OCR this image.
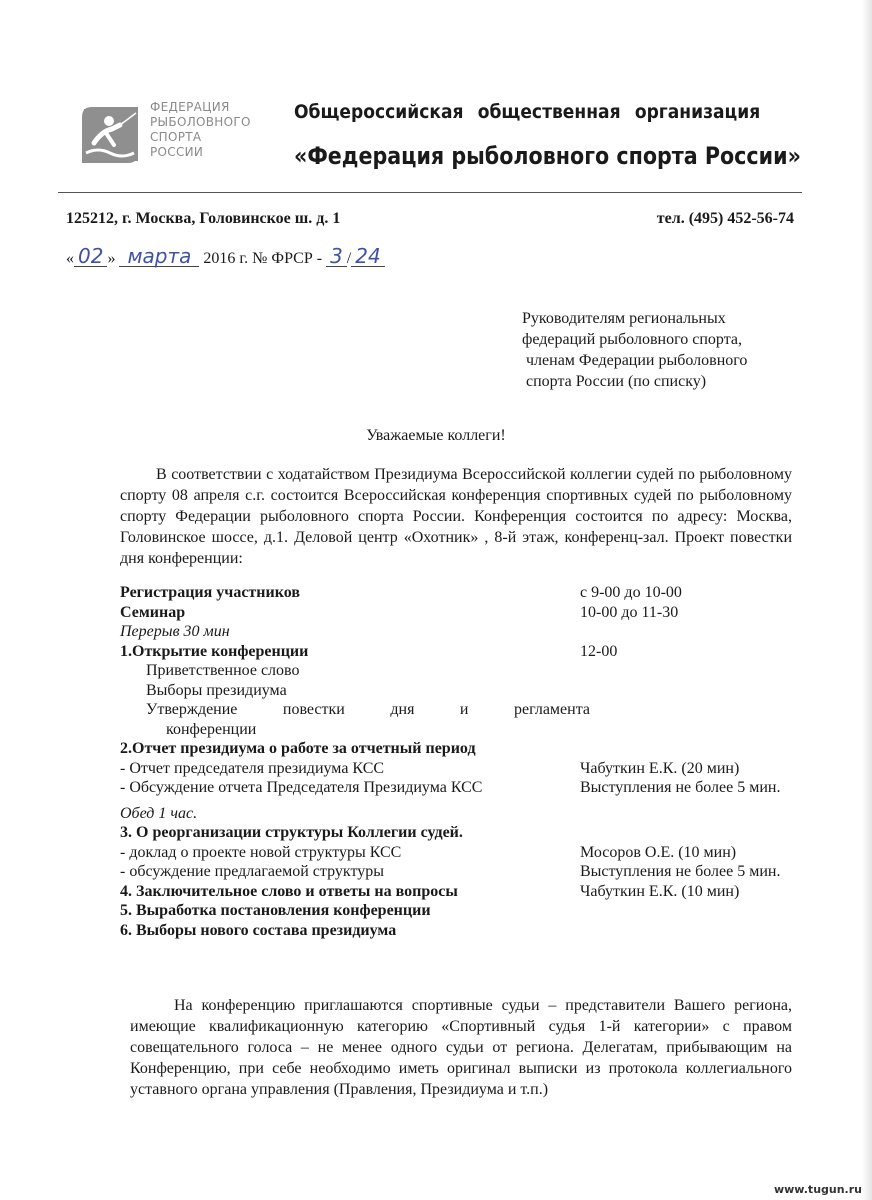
ФЕДЕРАЦИЯ
РЫБОЛОВНОГО
СПОРТА
РОССИИ
Общероссийская общественная организация
«Федерация рыболовного спорта России»
125212, г. Москва, Головинское ш. д. 1	тел. (495) 452-56-74
« 02 » марта 2016 г. № ФРСР - 3 / 24
Руководителям региональных
федераций рыболовного спорта,
членам Федерации рыболовного
спорта России (по списку)
Уважаемые коллеги!

В соответствии с ходатайством Президиума Всероссийской коллегии судей по рыболовному спорту 08 апреля с.г. состоится Всероссийская конференция спортивных судей по рыболовному спорту Федерации рыболовного спорта России. Конференция состоится по адресу: Москва, Головинское шоссе, д.1. Деловой центр «Охотник» , 8-й этаж, конференц-зал. Проект повестки дня конференции:

Регистрация участников	с 9-00 до 10-00
Семинар	10-00 до 11-30
Перерыв 30 мин
1.Открытие конференции	12-00
Приветственное слово
Выборы президиума
Утверждение	повестки	дня	и	регламента
конференции
2.Отчет президиума о работе за отчетный период
- Отчет председателя президиума КСС	Чабуткин Е.К. (20 мин)
- Обсуждение отчета Председателя Президиума КСС	Выступления не более 5 мин.
Обед 1 час.
3. О реорганизации структуры Коллегии судей.
- доклад о проекте новой структуры КСС	Мосоров О.Е. (10 мин)
- обсуждение предлагаемой структуры	Выступления не более 5 мин.
4. Заключительное слово и ответы на вопросы	Чабуткин Е.К. (10 мин)
5. Выработка постановления конференции
6. Выборы нового состава президиума

На конференцию приглашаются спортивные судьи – представители Вашего региона, имеющие квалификационную категорию «Спортивный судья 1-й категории» с правом совещательного голоса – не менее одного судьи от региона. Делегатам, прибывающим на Конференцию, при себе необходимо иметь оригинал выписки из протокола коллегиального уставного органа управления (Правления, Президиума и т.п.)

www.tugun.ru
